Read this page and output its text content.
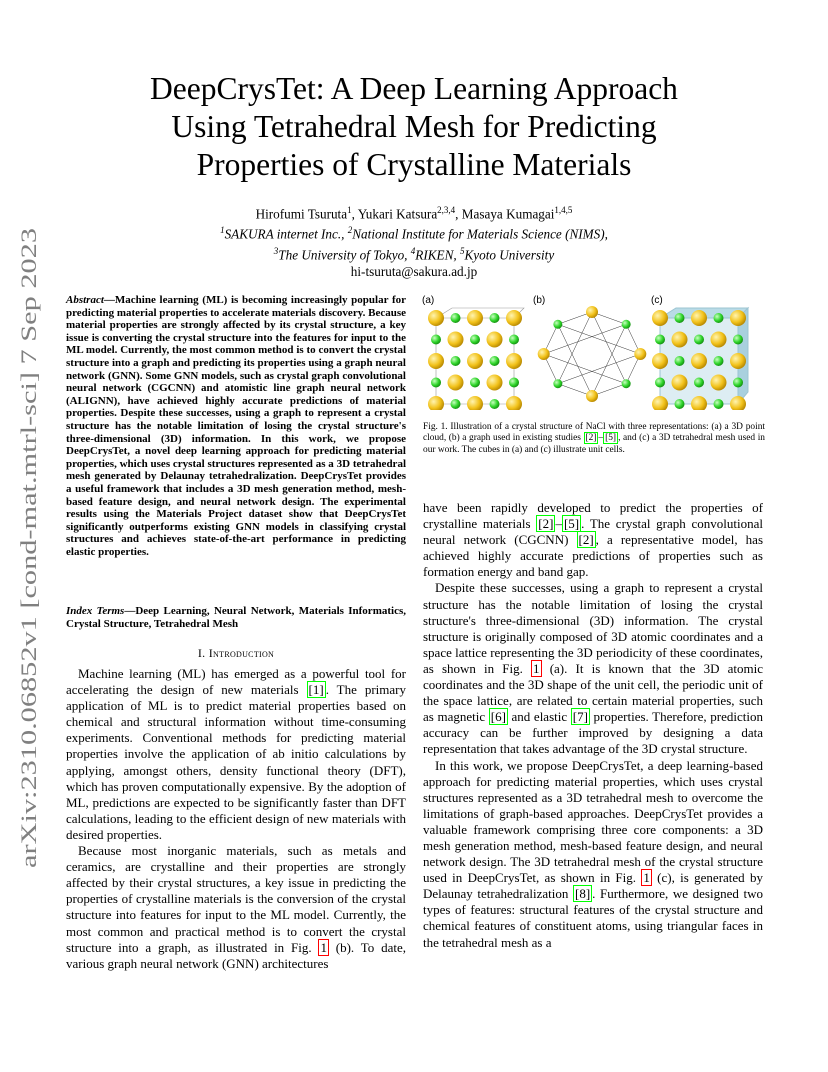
arXiv:2310.06852v1 [cond-mat.mtrl-sci] 7 Sep 2023
DeepCrysTet: A Deep Learning Approach
Using Tetrahedral Mesh for Predicting
Properties of Crystalline Materials
Hirofumi Tsuruta$^1$, Yukari Katsura$^{2,3,4}$, Masaya Kumagai$^{1,4,5}$
$^1$SAKURA internet Inc., $^2$National Institute for Materials Science (NIMS),
$^3$The University of Tokyo, $^4$RIKEN, $^5$Kyoto University
hi-tsuruta@sakura.ad.jp
Abstract—Machine learning (ML) is becoming increasingly popular for predicting material properties to accelerate materials discovery. Because material properties are strongly affected by its crystal structure, a key issue is converting the crystal structure into the features for input to the ML model. Currently, the most common method is to convert the crystal structure into a graph and predicting its properties using a graph neural network (GNN). Some GNN models, such as crystal graph convolutional neural network (CGCNN) and atomistic line graph neural network (ALIGNN), have achieved highly accurate predictions of material properties. Despite these successes, using a graph to represent a crystal structure has the notable limitation of losing the crystal structure's three-dimensional (3D) information. In this work, we propose DeepCrysTet, a novel deep learning approach for predicting material properties, which uses crystal structures represented as a 3D tetrahedral mesh generated by Delaunay tetrahedralization. DeepCrysTet provides a useful framework that includes a 3D mesh generation method, mesh-based feature design, and neural network design. The experimental results using the Materials Project dataset show that DeepCrysTet significantly outperforms existing GNN models in classifying crystal structures and achieves state-of-the-art performance in predicting elastic properties.
Index Terms—Deep Learning, Neural Network, Materials Informatics, Crystal Structure, Tetrahedral Mesh
I. Introduction

Machine learning (ML) has emerged as a powerful tool for accelerating the design of new materials [1] . The primary application of ML is to predict material properties based on chemical and structural information without time-consuming experiments. Conventional methods for predicting material properties involve the application of ab initio calculations by applying, amongst others, density functional theory (DFT), which has proven computationally expensive. By the adoption of ML, predictions are expected to be significantly faster than DFT calculations, leading to the efficient design of new materials with desired properties.

Because most inorganic materials, such as metals and ceramics, are crystalline and their properties are strongly affected by their crystal structures, a key issue in predicting the properties of crystalline materials is the conversion of the crystal structure into features for input to the ML model. Currently, the most common and practical method is to convert the crystal structure into a graph, as illustrated in Fig. 1 (b). To date, various graph neural network (GNN) architectures

(a)	(b)	(c)
Fig. 1. Illustration of a crystal structure of NaCl with three representations: (a) a 3D point cloud, (b) a graph used in existing studies [2] – [5] , and (c) a 3D tetrahedral mesh used in our work. The cubes in (a) and (c) illustrate unit cells.

have been rapidly developed to predict the properties of crystalline materials [2] – [5] . The crystal graph convolutional neural network (CGCNN) [2] , a representative model, has achieved highly accurate predictions of properties such as formation energy and band gap.

Despite these successes, using a graph to represent a crystal structure has the notable limitation of losing the crystal structure's three-dimensional (3D) information. The crystal structure is originally composed of 3D atomic coordinates and a space lattice representing the 3D periodicity of these coordinates, as shown in Fig. 1 (a). It is known that the 3D atomic coordinates and the 3D shape of the unit cell, the periodic unit of the space lattice, are related to certain material properties, such as magnetic [6] and elastic [7] properties. Therefore, prediction accuracy can be further improved by designing a data representation that takes advantage of the 3D crystal structure.

In this work, we propose DeepCrysTet, a deep learning-based approach for predicting material properties, which uses crystal structures represented as a 3D tetrahedral mesh to overcome the limitations of graph-based approaches. DeepCrysTet provides a valuable framework comprising three core components: a 3D mesh generation method, mesh-based feature design, and neural network design. The 3D tetrahedral mesh of the crystal structure used in DeepCrysTet, as shown in Fig. 1 (c), is generated by Delaunay tetrahedralization [8] . Furthermore, we designed two types of features: structural features of the crystal structure and chemical features of constituent atoms, using triangular faces in the tetrahedral mesh as a
